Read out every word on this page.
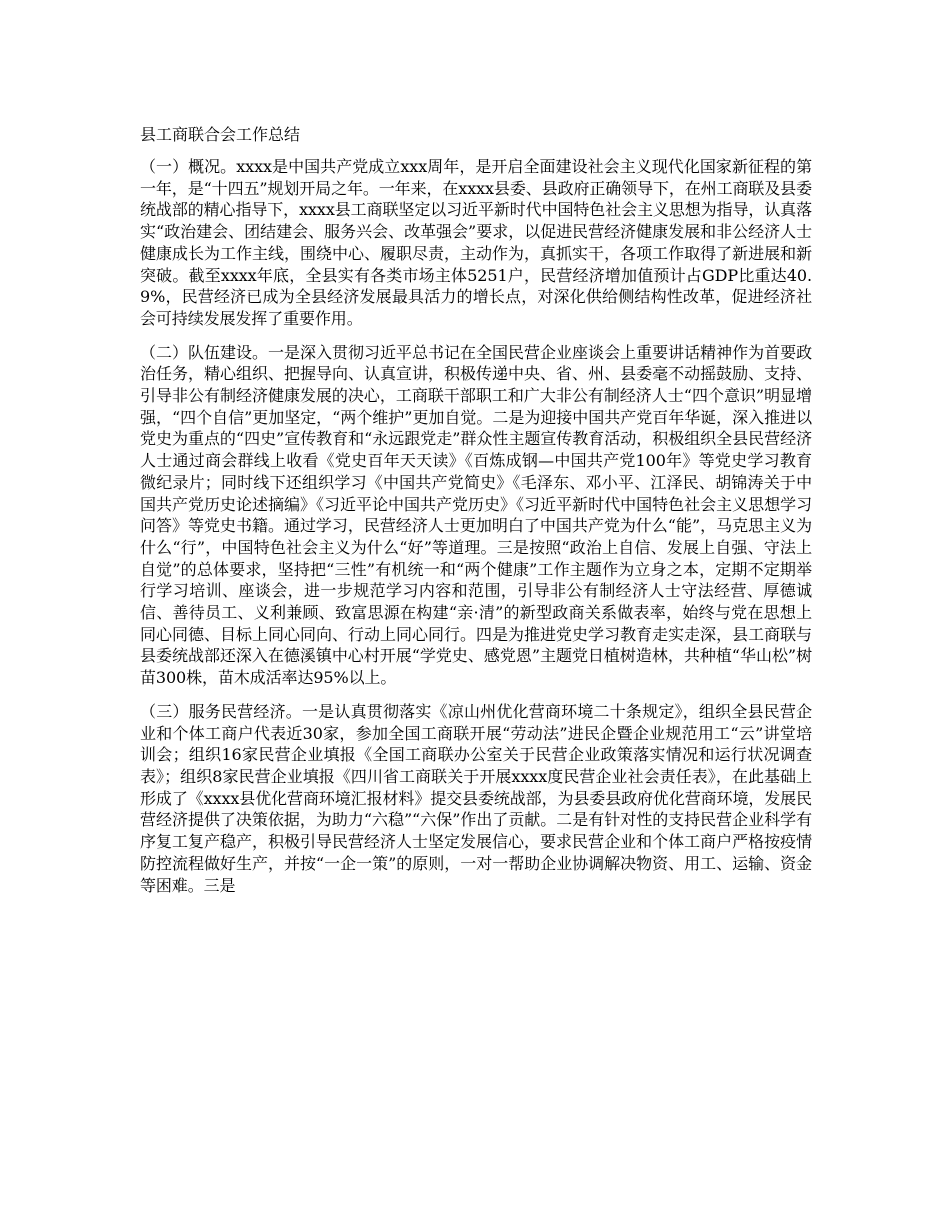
县工商联合会工作总结

（一）概况。xxxx是中国共产党成立xxx周年，是开启全面建设社会主义现代化国家新征程的第一年，是“十四五”规划开局之年。一年来，在xxxx县委、县政府正确领导下，在州工商联及县委统战部的精心指导下，xxxx县工商联坚定以习近平新时代中国特色社会主义思想为指导，认真落实“政治建会、团结建会、服务兴会、改革强会”要求，以促进民营经济健康发展和非公经济人士健康成长为工作主线，围绕中心、履职尽责，主动作为，真抓实干，各项工作取得了新进展和新突破。截至xxxx年底，全县实有各类市场主体5251户，民营经济增加值预计占GDP比重达40.9%，民营经济已成为全县经济发展最具活力的增长点，对深化供给侧结构性改革，促进经济社会可持续发展发挥了重要作用。

（二）队伍建设。一是深入贯彻习近平总书记在全国民营企业座谈会上重要讲话精神作为首要政治任务，精心组织、把握导向、认真宣讲，积极传递中央、省、州、县委毫不动摇鼓励、支持、引导非公有制经济健康发展的决心，工商联干部职工和广大非公有制经济人士“四个意识”明显增强，“四个自信”更加坚定，“两个维护”更加自觉。二是为迎接中国共产党百年华诞，深入推进以党史为重点的“四史”宣传教育和“永远跟党走”群众性主题宣传教育活动，积极组织全县民营经济人士通过商会群线上收看《党史百年天天读》《百炼成钢—中国共产党100年》等党史学习教育微纪录片；同时线下还组织学习《中国共产党简史》《毛泽东、邓小平、江泽民、胡锦涛关于中国共产党历史论述摘编》《习近平论中国共产党历史》《习近平新时代中国特色社会主义思想学习问答》等党史书籍。通过学习，民营经济人士更加明白了中国共产党为什么“能”，马克思主义为什么“行”，中国特色社会主义为什么“好”等道理。三是按照“政治上自信、发展上自强、守法上自觉”的总体要求，坚持把“三性”有机统一和“两个健康”工作主题作为立身之本，定期不定期举行学习培训、座谈会，进一步规范学习内容和范围，引导非公有制经济人士守法经营、厚德诚信、善待员工、义利兼顾、致富思源在构建“亲·清”的新型政商关系做表率，始终与党在思想上同心同德、目标上同心同向、行动上同心同行。四是为推进党史学习教育走实走深，县工商联与县委统战部还深入在德溪镇中心村开展“学党史、感党恩”主题党日植树造林，共种植“华山松”树苗300株，苗木成活率达95%以上。

（三）服务民营经济。一是认真贯彻落实《凉山州优化营商环境二十条规定》，组织全县民营企业和个体工商户代表近30家，参加全国工商联开展“劳动法”进民企暨企业规范用工“云”讲堂培训会；组织16家民营企业填报《全国工商联办公室关于民营企业政策落实情况和运行状况调查表》；组织8家民营企业填报《四川省工商联关于开展xxxx度民营企业社会责任表》，在此基础上形成了《xxxx县优化营商环境汇报材料》提交县委统战部，为县委县政府优化营商环境，发展民营经济提供了决策依据，为助力“六稳”“六保”作出了贡献。二是有针对性的支持民营企业科学有序复工复产稳产，积极引导民营经济人士坚定发展信心，要求民营企业和个体工商户严格按疫情防控流程做好生产，并按“一企一策”的原则，一对一帮助企业协调解决物资、用工、运输、资金等困难。三是
